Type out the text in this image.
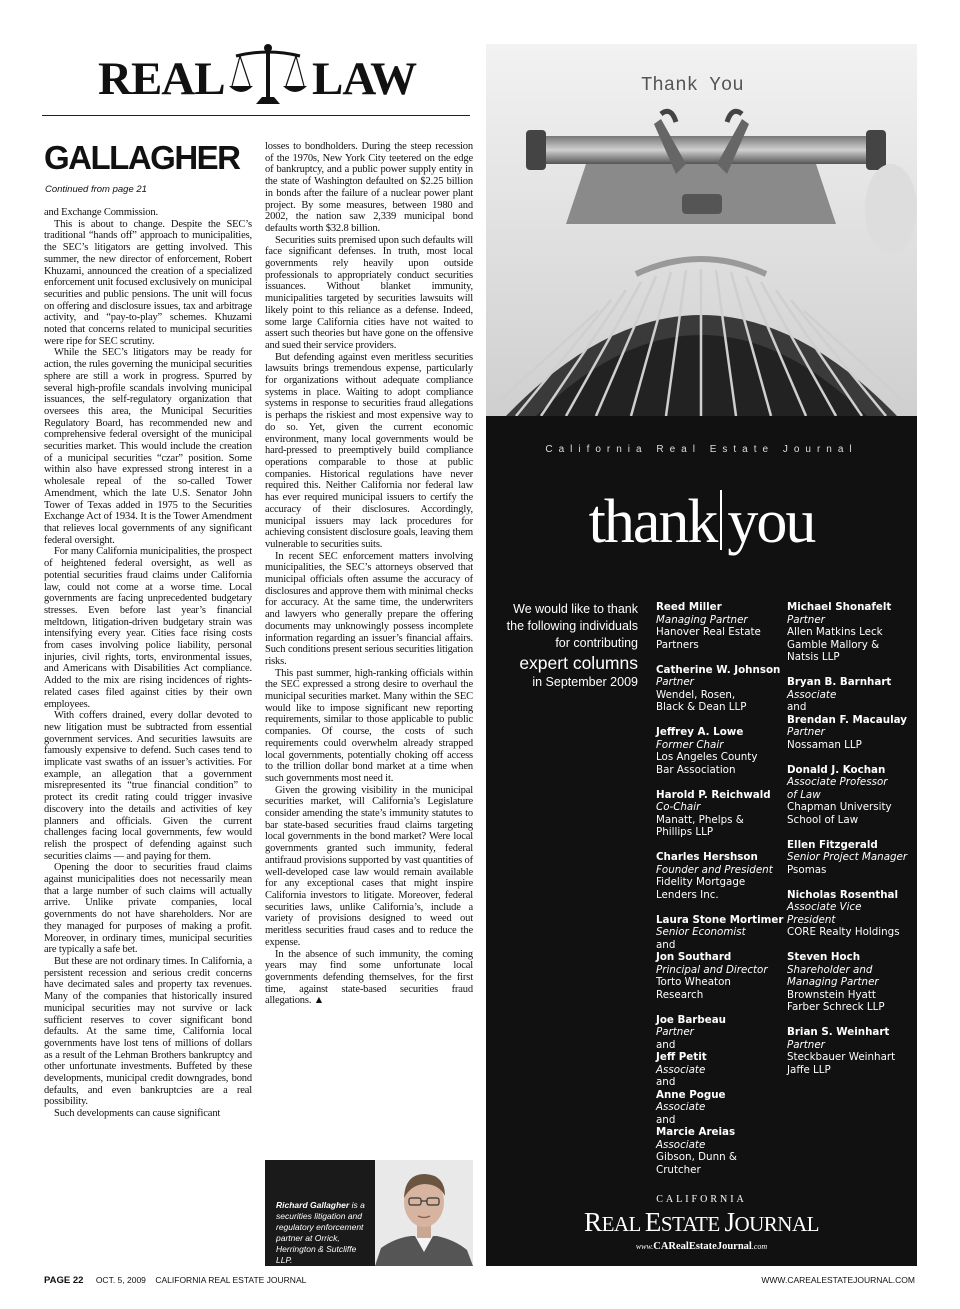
REAL LAW
GALLAGHER
Continued from page 21

and Exchange Commission.

This is about to change. Despite the SEC’s traditional “hands off” approach to municipalities, the SEC’s litigators are getting involved. This summer, the new director of enforcement, Robert Khuzami, announced the creation of a specialized enforcement unit focused exclusively on municipal securities and public pensions. The unit will focus on offering and disclosure issues, tax and arbitrage activity, and “pay-to-play” schemes. Khuzami noted that concerns related to municipal securities were ripe for SEC scrutiny.

While the SEC’s litigators may be ready for action, the rules governing the municipal securities sphere are still a work in progress. Spurred by several high-profile scandals involving municipal issuances, the self-regulatory organization that oversees this area, the Municipal Securities Regulatory Board, has recommended new and comprehensive federal oversight of the municipal securities market. This would include the creation of a municipal securities “czar” position. Some within also have expressed strong interest in a wholesale repeal of the so-called Tower Amendment, which the late U.S. Senator John Tower of Texas added in 1975 to the Securities Exchange Act of 1934. It is the Tower Amendment that relieves local governments of any significant federal oversight.

For many California municipalities, the prospect of heightened federal oversight, as well as potential securities fraud claims under California law, could not come at a worse time. Local governments are facing unprecedented budgetary stresses. Even before last year’s financial meltdown, litigation-driven budgetary strain was intensifying every year. Cities face rising costs from cases involving police liability, personal injuries, civil rights, torts, environmental issues, and Americans with Disabilities Act compliance. Added to the mix are rising incidences of rights-related cases filed against cities by their own employees.

With coffers drained, every dollar devoted to new litigation must be subtracted from essential government services. And securities lawsuits are famously expensive to defend. Such cases tend to implicate vast swaths of an issuer’s activities. For example, an allegation that a government misrepresented its “true financial condition” to protect its credit rating could trigger invasive discovery into the details and activities of key planners and officials. Given the current challenges facing local governments, few would relish the prospect of defending against such securities claims — and paying for them.

Opening the door to securities fraud claims against municipalities does not necessarily mean that a large number of such claims will actually arrive. Unlike private companies, local governments do not have shareholders. Nor are they managed for purposes of making a profit. Moreover, in ordinary times, municipal securities are typically a safe bet.

But these are not ordinary times. In California, a persistent recession and serious credit concerns have decimated sales and property tax revenues. Many of the companies that historically insured municipal securities may not survive or lack sufficient reserves to cover significant bond defaults. At the same time, California local governments have lost tens of millions of dollars as a result of the Lehman Brothers bankruptcy and other unfortunate investments. Buffeted by these developments, municipal credit downgrades, bond defaults, and even bankruptcies are a real possibility.

Such developments can cause significant

losses to bondholders. During the steep recession of the 1970s, New York City teetered on the edge of bankruptcy, and a public power supply entity in the state of Washington defaulted on $2.25 billion in bonds after the failure of a nuclear power plant project. By some measures, between 1980 and 2002, the nation saw 2,339 municipal bond defaults worth $32.8 billion.

Securities suits premised upon such defaults will face significant defenses. In truth, most local governments rely heavily upon outside professionals to appropriately conduct securities issuances. Without blanket immunity, municipalities targeted by securities lawsuits will likely point to this reliance as a defense. Indeed, some large California cities have not waited to assert such theories but have gone on the offensive and sued their service providers.

But defending against even meritless securities lawsuits brings tremendous expense, particularly for organizations without adequate compliance systems in place. Waiting to adopt compliance systems in response to securities fraud allegations is perhaps the riskiest and most expensive way to do so. Yet, given the current economic environment, many local governments would be hard-pressed to preemptively build compliance operations comparable to those at public companies. Historical regulations have never required this. Neither California nor federal law has ever required municipal issuers to certify the accuracy of their disclosures. Accordingly, municipal issuers may lack procedures for achieving consistent disclosure goals, leaving them vulnerable to securities suits.

In recent SEC enforcement matters involving municipalities, the SEC’s attorneys observed that municipal officials often assume the accuracy of disclosures and approve them with minimal checks for accuracy. At the same time, the underwriters and lawyers who generally prepare the offering documents may unknowingly possess incomplete information regarding an issuer’s financial affairs. Such conditions present serious securities litigation risks.

This past summer, high-ranking officials within the SEC expressed a strong desire to overhaul the municipal securities market. Many within the SEC would like to impose significant new reporting requirements, similar to those applicable to public companies. Of course, the costs of such requirements could overwhelm already strapped local governments, potentially choking off access to the trillion dollar bond market at a time when such governments most need it.

Given the growing visibility in the municipal securities market, will California’s Legislature consider amending the state’s immunity statutes to bar state-based securities fraud claims targeting local governments in the bond market? Were local governments granted such immunity, federal antifraud provisions supported by vast quantities of well-developed case law would remain available for any exceptional cases that might inspire California investors to litigate. Moreover, federal securities laws, unlike California’s, include a variety of provisions designed to weed out meritless securities fraud cases and to reduce the expense.

In the absence of such immunity, the coming years may find some unfortunate local governments defending themselves, for the first time, against state-based securities fraud allegations. ▲

Richard Gallagher is a securities litigation and regulatory enforcement partner at Orrick, Herrington & Sutcliffe LLP.
PAGE 22 OCT. 5, 2009 CALIFORNIA REAL ESTATE JOURNAL	WWW.CAREALESTATEJOURNAL.COM
Thank You
California Real Estate Journal
thank you
We would like to thank
the following individuals
for contributing
expert columns
in September 2009
Reed Miller
Managing Partner
Hanover Real Estate
Partners
Catherine W. Johnson
Partner
Wendel, Rosen,
Black & Dean LLP
Jeffrey A. Lowe
Former Chair
Los Angeles County
Bar Association
Harold P. Reichwald
Co-Chair
Manatt, Phelps &
Phillips LLP
Charles Hershson
Founder and President
Fidelity Mortgage
Lenders Inc.
Laura Stone Mortimer
Senior Economist
and
Jon Southard
Principal and Director
Torto Wheaton
Research
Joe Barbeau
Partner
and
Jeff Petit
Associate
and
Anne Pogue
Associate
and
Marcie Areias
Associate
Gibson, Dunn &
Crutcher
Michael Shonafelt
Partner
Allen Matkins Leck
Gamble Mallory &
Natsis LLP
Bryan B. Barnhart
Associate
and
Brendan F. Macaulay
Partner
Nossaman LLP
Donald J. Kochan
Associate Professor
of Law
Chapman University
School of Law
Ellen Fitzgerald
Senior Project Manager
Psomas
Nicholas Rosenthal
Associate Vice
President
CORE Realty Holdings
Steven Hoch
Shareholder and
Managing Partner
Brownstein Hyatt
Farber Schreck LLP
Brian S. Weinhart
Partner
Steckbauer Weinhart
Jaffe LLP
CALIFORNIA
REAL ESTATE JOURNAL
www.CARealEstateJournal.com
